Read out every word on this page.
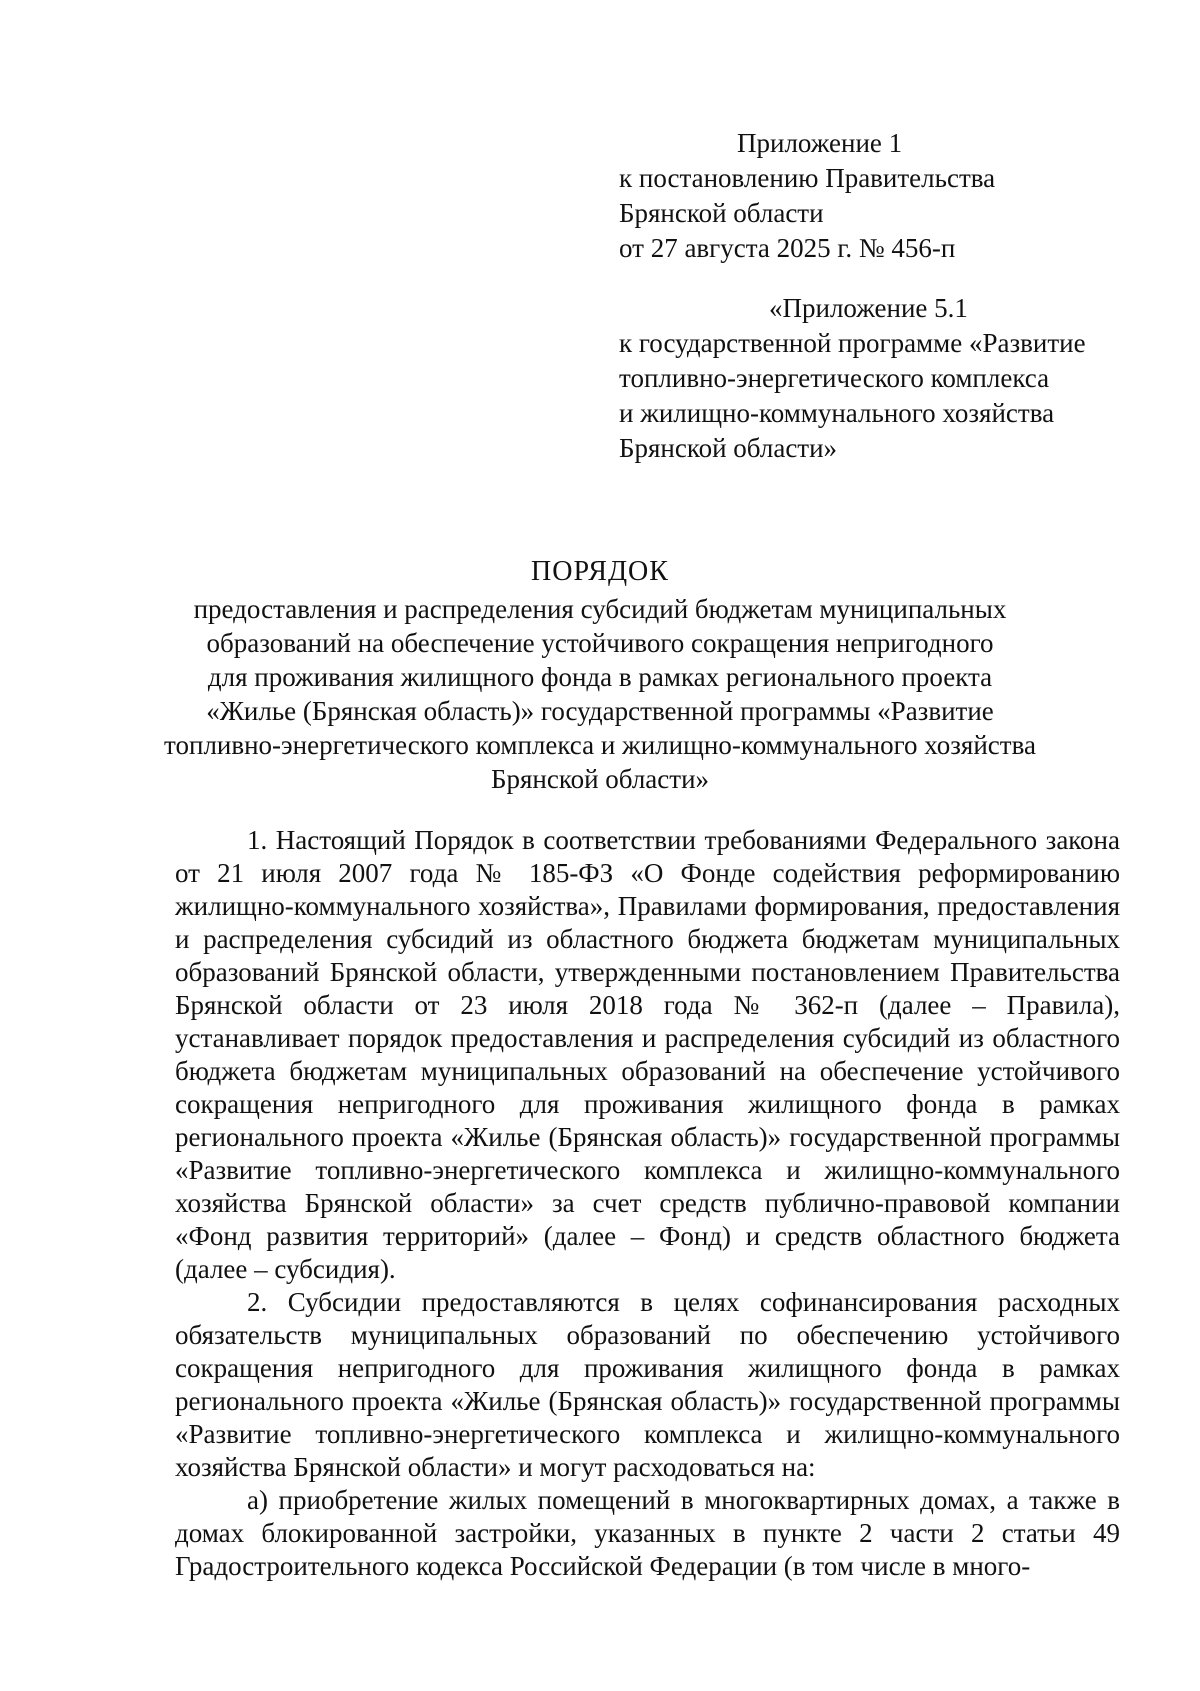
Приложение 1
к постановлению Правительства
Брянской области
от 27 августа 2025 г. № 456-п
«Приложение 5.1
к государственной программе «Развитие
топливно-энергетического комплекса
и жилищно-коммунального хозяйства
Брянской области»
ПОРЯДОК
предоставления и распределения субсидий бюджетам муниципальных
образований на обеспечение устойчивого сокращения непригодного
для проживания жилищного фонда в рамках регионального проекта
«Жилье (Брянская область)» государственной программы «Развитие
топливно-энергетического комплекса и жилищно-коммунального хозяйства
Брянской области»

1. Настоящий Порядок в соответствии требованиями Федерального закона от 21 июля 2007 года № 185-ФЗ «О Фонде содействия реформированию жилищно-коммунального хозяйства», Правилами формирования, предоставления и распределения субсидий из областного бюджета бюджетам муниципальных образований Брянской области, утвержденными постановлением Правительства Брянской области от 23 июля 2018 года № 362-п (далее – Правила), устанавливает порядок предоставления и распределения субсидий из областного бюджета бюджетам муниципальных образований на обеспечение устойчивого сокращения непригодного для проживания жилищного фонда в рамках регионального проекта «Жилье (Брянская область)» государственной программы «Развитие топливно-энергетического комплекса и жилищно-коммунального хозяйства Брянской области» за счет средств публично-правовой компании «Фонд развития территорий» (далее – Фонд) и средств областного бюджета (далее – субсидия).

2. Субсидии предоставляются в целях софинансирования расходных обязательств муниципальных образований по обеспечению устойчивого сокращения непригодного для проживания жилищного фонда в рамках регионального проекта «Жилье (Брянская область)» государственной программы «Развитие топливно-энергетического комплекса и жилищно-коммунального хозяйства Брянской области» и могут расходоваться на:

а) приобретение жилых помещений в многоквартирных домах, а также в домах блокированной застройки, указанных в пункте 2 части 2 статьи 49 Градостроительного кодекса Российской Федерации (в том числе в много-
